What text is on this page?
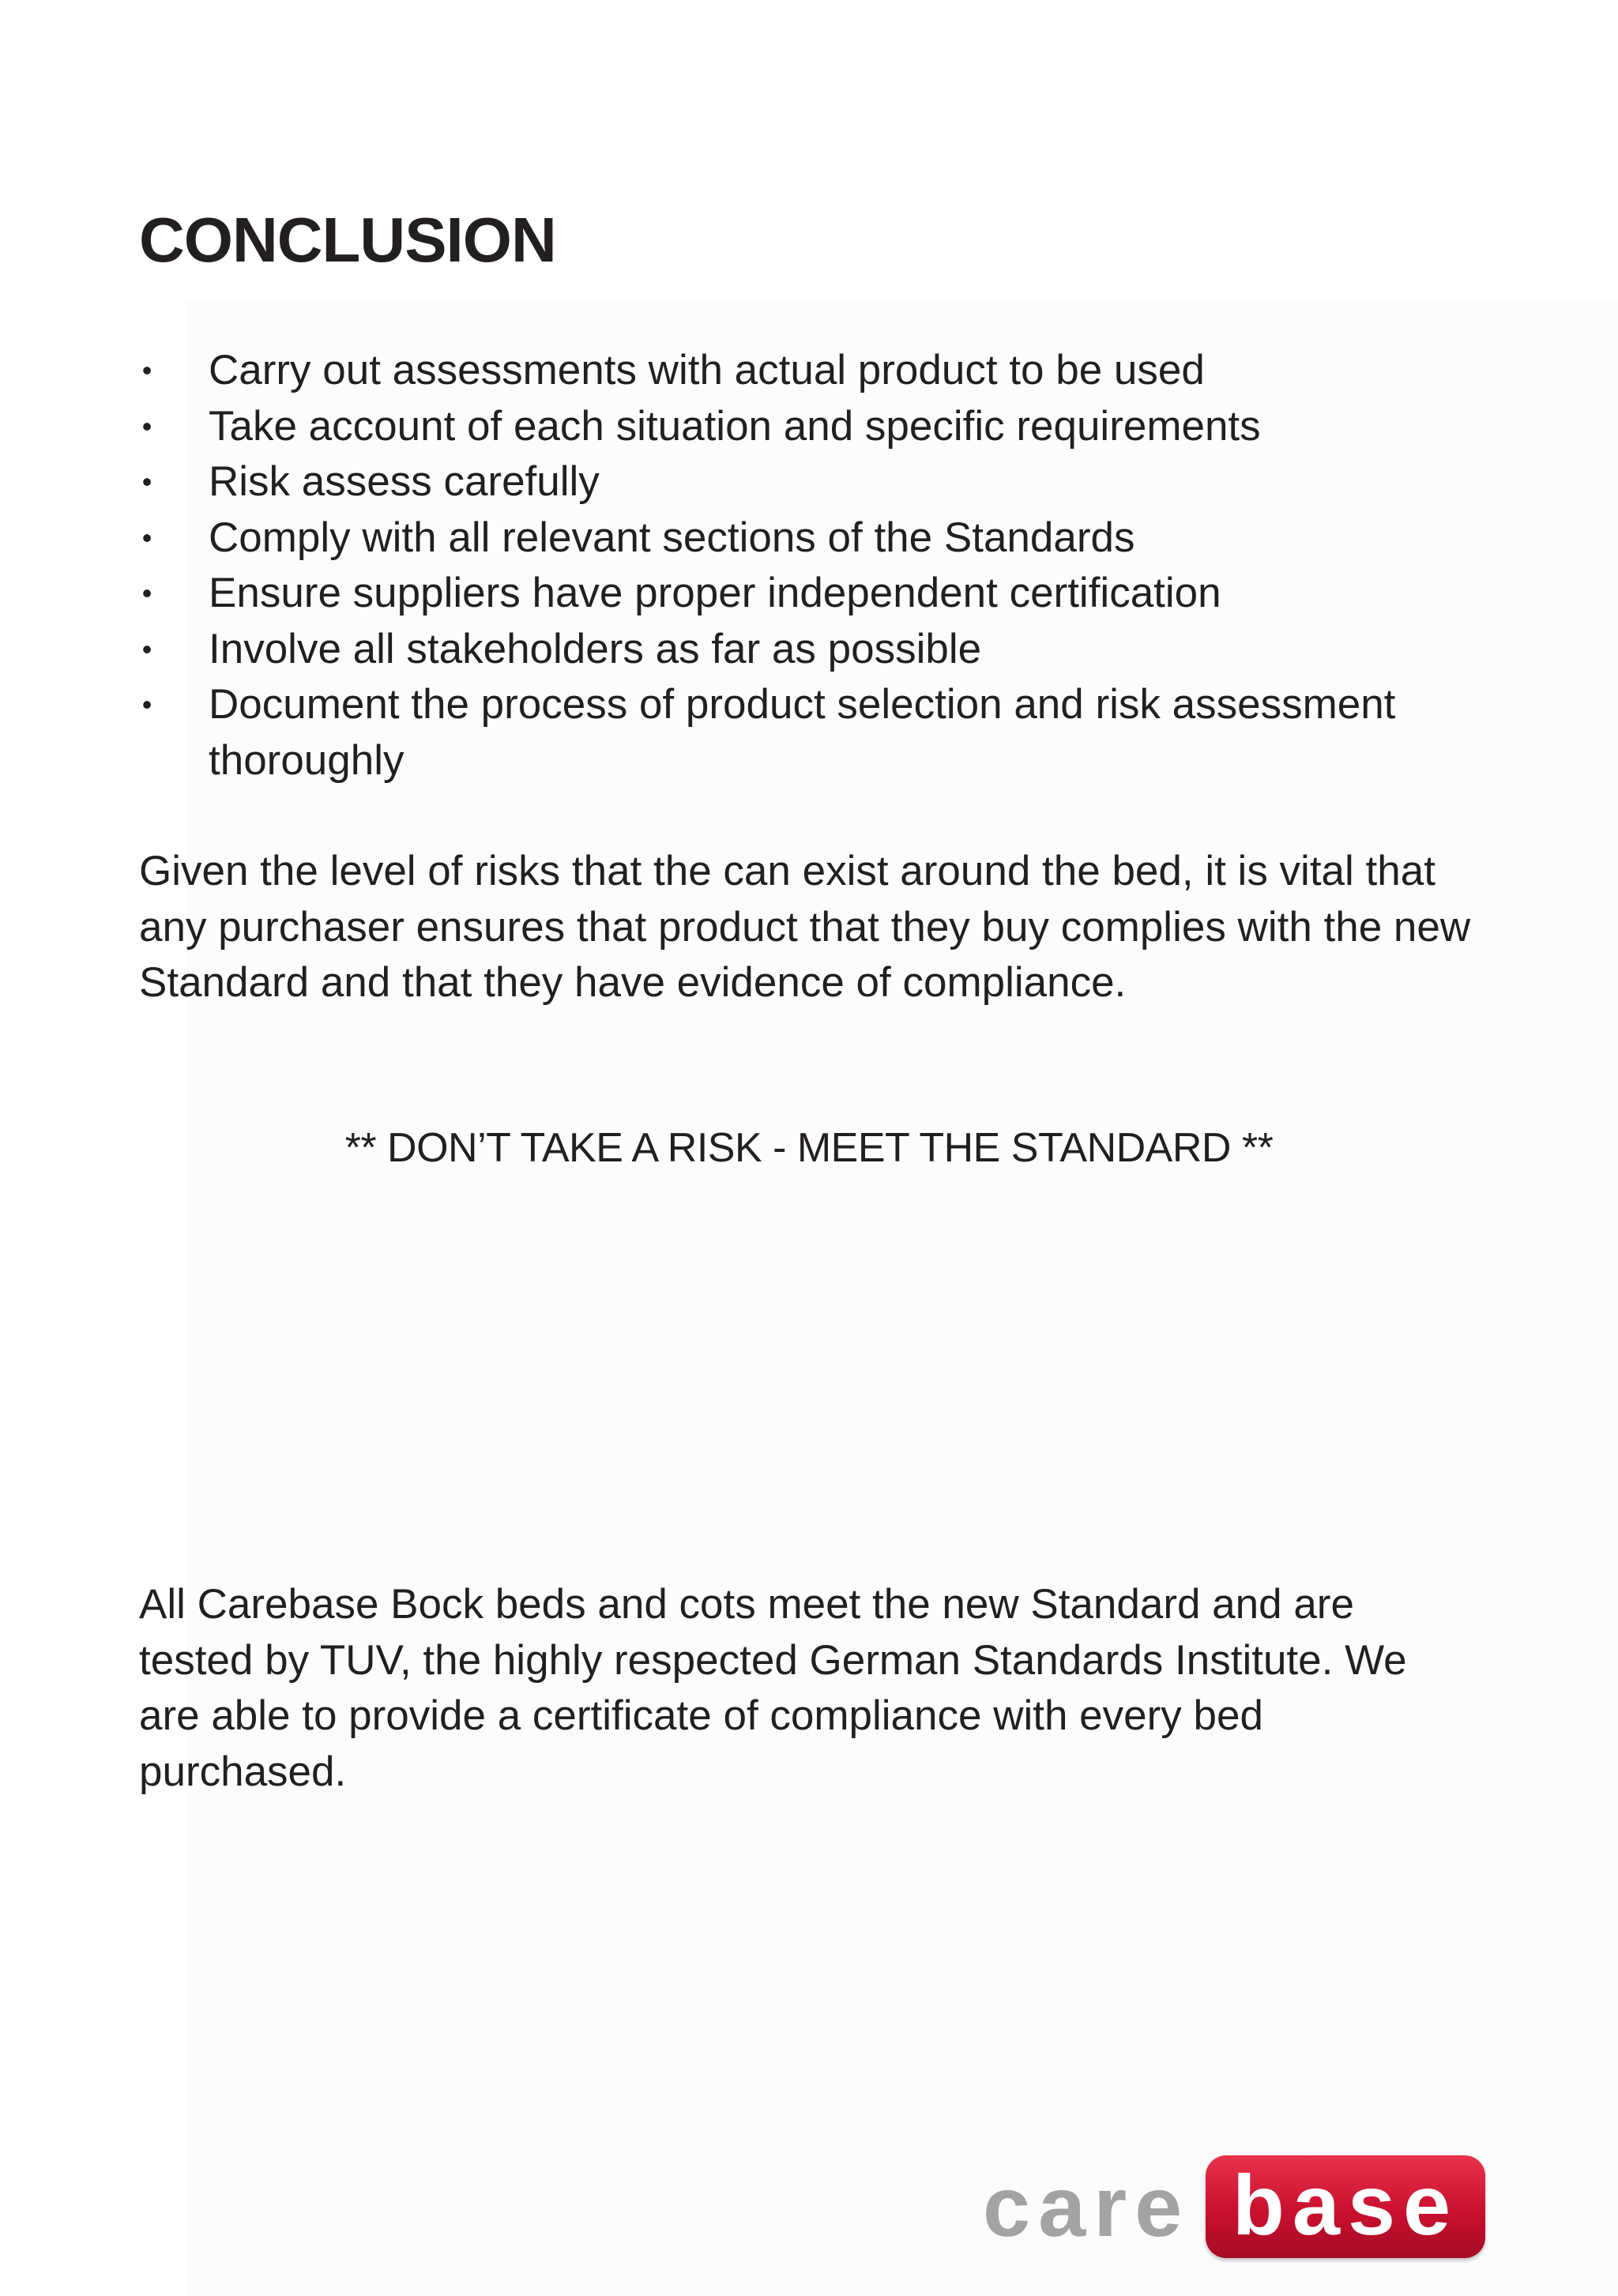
CONCLUSION
• Carry out assessments with actual product to be used
• Take account of each situation and specific requirements
• Risk assess carefully
• Comply with all relevant sections of the Standards
• Ensure suppliers have proper independent certification
• Involve all stakeholders as far as possible
• Document the process of product selection and risk assessment thoroughly

Given the level of risks that the can exist around the bed, it is vital that any purchaser ensures that product that they buy complies with the new Standard and that they have evidence of compliance.

** DON’T TAKE A RISK - MEET THE STANDARD **

All Carebase Bock beds and cots meet the new Standard and are tested by TUV, the highly respected German Standards Institute. We are able to provide a certificate of compliance with every bed purchased.

care base
